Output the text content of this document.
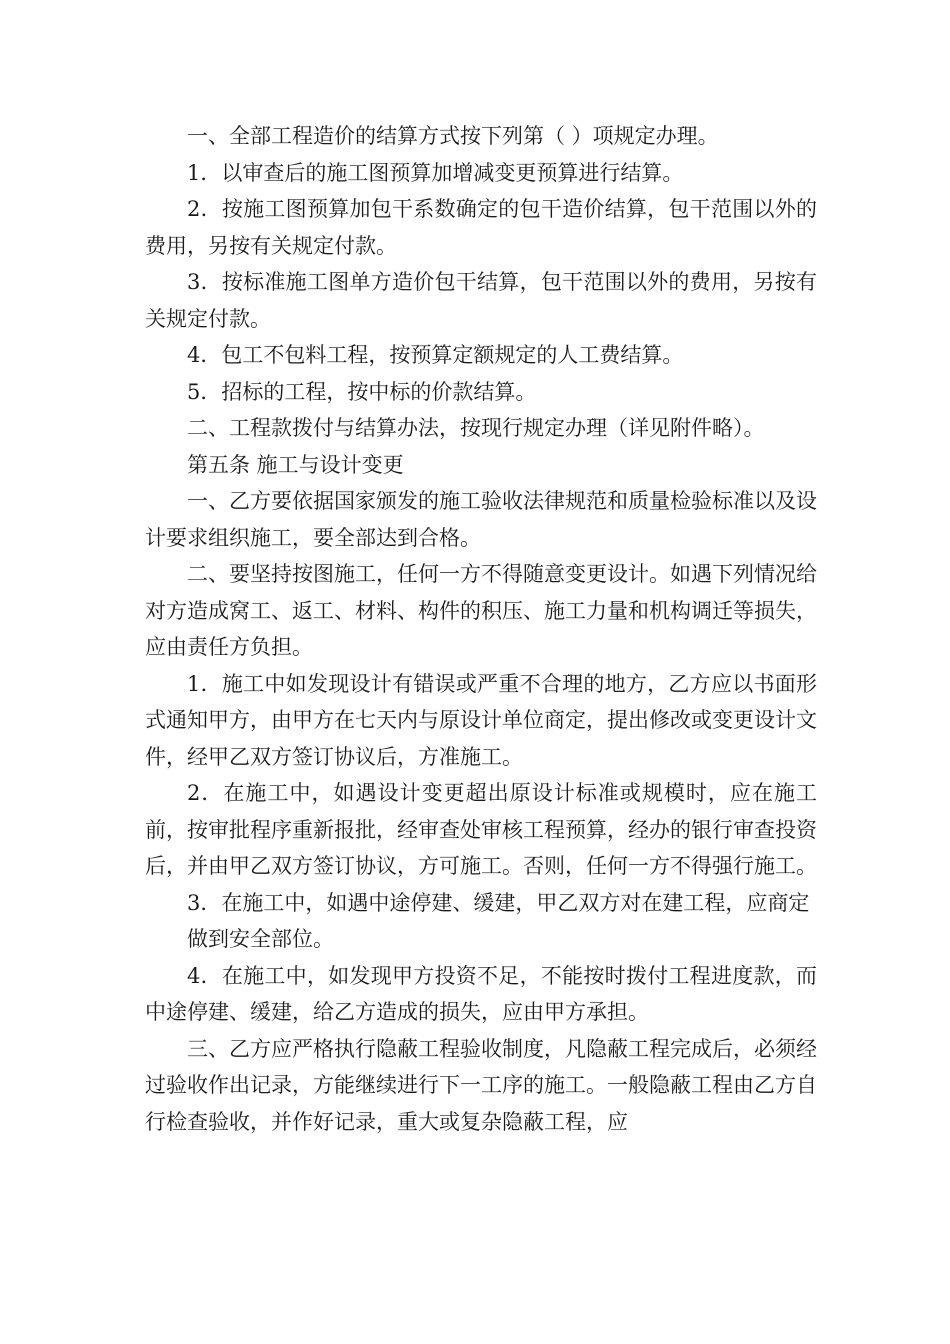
一、全部工程造价的结算方式按下列第（ ）项规定办理。

1．以审查后的施工图预算加增减变更预算进行结算。

2．按施工图预算加包干系数确定的包干造价结算，包干范围以外的费用，另按有关规定付款。

3．按标准施工图单方造价包干结算，包干范围以外的费用，另按有关规定付款。

4．包工不包料工程，按预算定额规定的人工费结算。

5．招标的工程，按中标的价款结算。

二、工程款拨付与结算办法，按现行规定办理（详见附件略）。

第五条 施工与设计变更

一、乙方要依据国家颁发的施工验收法律规范和质量检验标准以及设计要求组织施工，要全部达到合格。

二、要坚持按图施工，任何一方不得随意变更设计。如遇下列情况给对方造成窝工、返工、材料、构件的积压、施工力量和机构调迁等损失，应由责任方负担。

1．施工中如发现设计有错误或严重不合理的地方，乙方应以书面形式通知甲方，由甲方在七天内与原设计单位商定，提出修改或变更设计文件，经甲乙双方签订协议后，方准施工。

2．在施工中，如遇设计变更超出原设计标准或规模时，应在施工前，按审批程序重新报批，经审查处审核工程预算，经办的银行审查投资后，并由甲乙双方签订协议，方可施工。否则，任何一方不得强行施工。

3．在施工中，如遇中途停建、缓建，甲乙双方对在建工程，应商定

做到安全部位。

4．在施工中，如发现甲方投资不足，不能按时拨付工程进度款，而中途停建、缓建，给乙方造成的损失，应由甲方承担。

三、乙方应严格执行隐蔽工程验收制度，凡隐蔽工程完成后，必须经过验收作出记录，方能继续进行下一工序的施工。一般隐蔽工程由乙方自行检查验收，并作好记录，重大或复杂隐蔽工程，应
